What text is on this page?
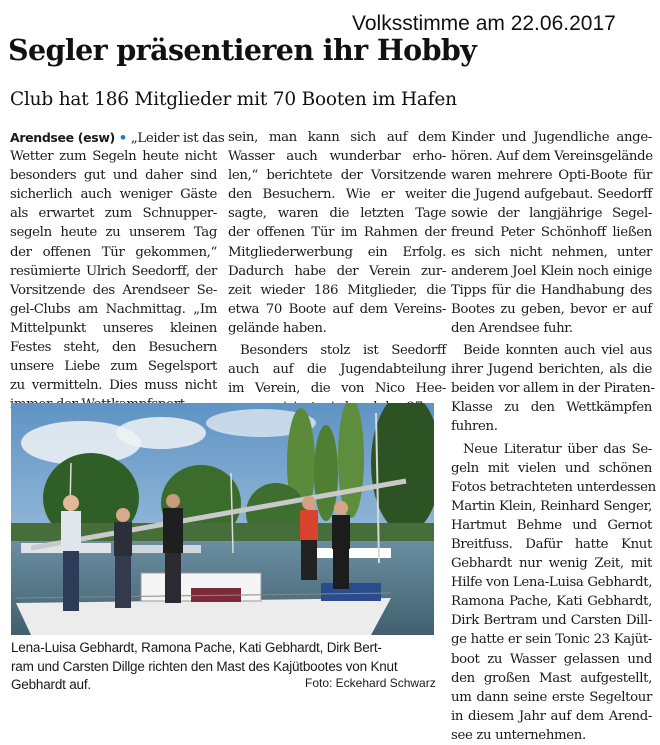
Volksstimme am 22.06.2017
Segler präsentieren ihr Hobby
Club hat 186 Mitglieder mit 70 Booten im Hafen
Arendsee (esw) • „Leider ist das
Wetter zum Segeln heute nicht
besonders gut und daher sind
sicherlich auch weniger Gäste
als erwartet zum Schnupper-
segeln heute zu unserem Tag
der offenen Tür gekommen,“
resümierte Ulrich Seedorff, der
Vorsitzende des Arendseer Se-
gel-Clubs am Nachmittag. „Im
Mittelpunkt unseres kleinen
Festes steht, den Besuchern
unsere Liebe zum Segelsport
zu vermitteln. Dies muss nicht
sein, man kann sich auf dem
Wasser auch wunderbar erho-
len,“ berichtete der Vorsitzende
den Besuchern. Wie er weiter
sagte, waren die letzten Tage
der offenen Tür im Rahmen der
Mitgliederwerbung ein Erfolg.
Dadurch habe der Verein zur-
zeit wieder 186 Mitglieder, die
etwa 70 Boote auf dem Vereins-
gelände haben.
Besonders stolz ist Seedorff
auch auf die Jugendabteilung
im Verein, die von Nico Hee-
Kinder und Jugendliche ange-
hören. Auf dem Vereinsgelände
waren mehrere Opti-Boote für
die Jugend aufgebaut. Seedorff
sowie der langjährige Segel-
freund Peter Schönhoff ließen
es sich nicht nehmen, unter
anderem Joel Klein noch einige
Tipps für die Handhabung des
Bootes zu geben, bevor er auf
den Arendsee fuhr.
Beide konnten auch viel aus
ihrer Jugend berichten, als die
beiden vor allem in der Piraten-
Klasse zu den Wettkämpfen
fuhren.
Neue Literatur über das Se-
geln mit vielen und schönen
Fotos betrachteten unterdessen
Martin Klein, Reinhard Senger,
Hartmut Behme und Gernot
Breitfuss. Dafür hatte Knut
Gebhardt nur wenig Zeit, mit
Hilfe von Lena-Luisa Gebhardt,
Ramona Pache, Kati Gebhardt,
Dirk Bertram und Carsten Dill-
ge hatte er sein Tonic 23 Kajüt-
boot zu Wasser gelassen und
den großen Mast aufgestellt,
um dann seine erste Segeltour
in diesem Jahr auf dem Arend-
see zu unternehmen.
Lena-Luisa Gebhardt, Ramona Pache, Kati Gebhardt, Dirk Bert-
ram und Carsten Dillge richten den Mast des Kajütbootes von Knut
Gebhardt auf.	Foto: Eckehard Schwarz
